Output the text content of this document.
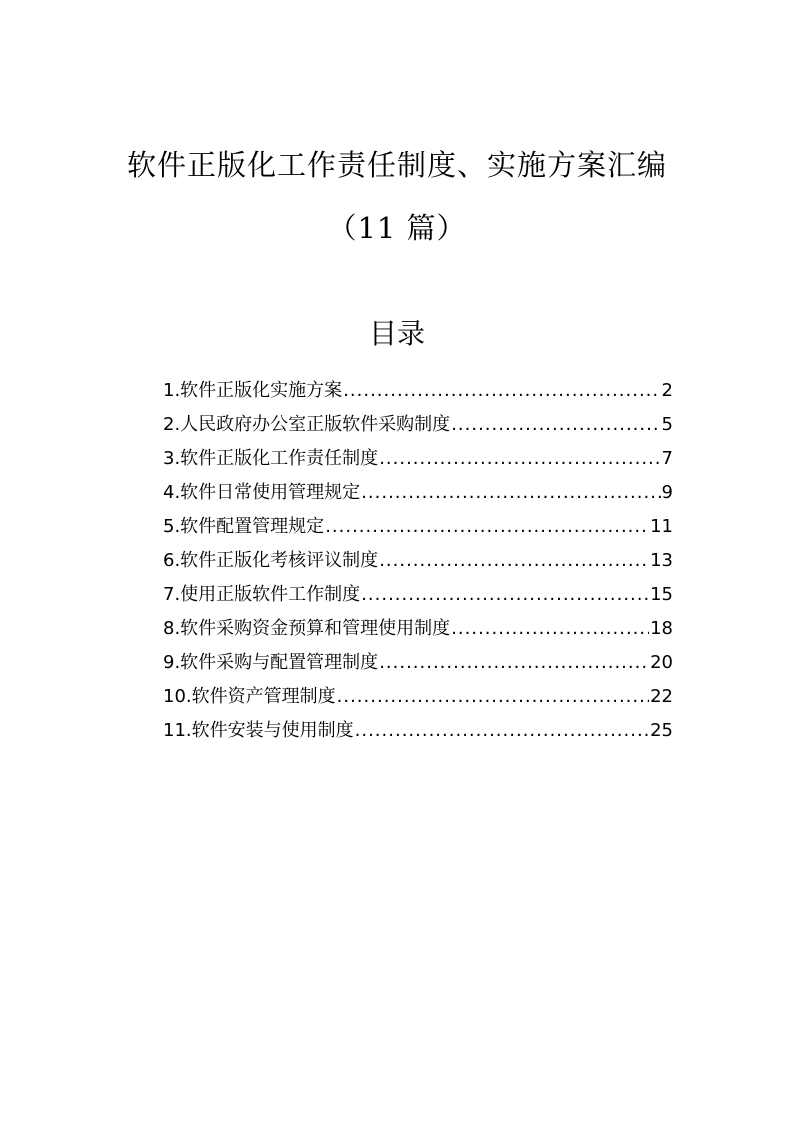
软件正版化工作责任制度、实施方案汇编
（11 篇）
目录
1.软件正版化实施方案 .....	2
2.人民政府办公室正版软件采购制度 .....	5
3.软件正版化工作责任制度 .....	7
4.软件日常使用管理规定 .....	9
5.软件配置管理规定 .....	11
6.软件正版化考核评议制度 .....	13
7.使用正版软件工作制度 .....	15
8.软件采购资金预算和管理使用制度 .....	18
9.软件采购与配置管理制度 .....	20
10.软件资产管理制度 .....	22
11.软件安装与使用制度 .....	25
